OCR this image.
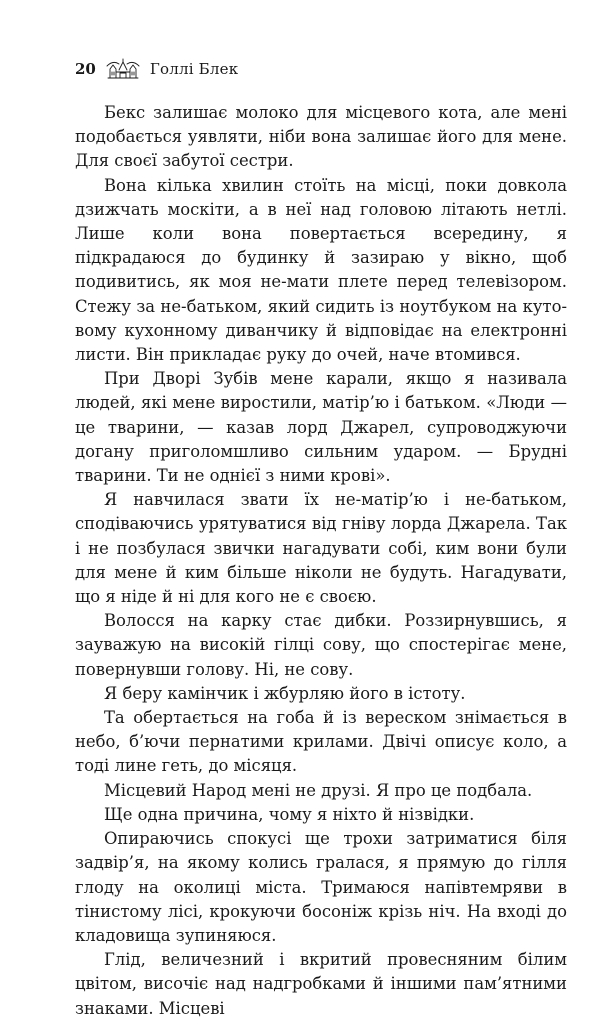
20	Голлі Блек

Бекс залишає молоко для місцевого кота, але мені подобається уявляти, ніби вона залишає його для мене. Для своєї забутої сестри.

Вона кілька хвилин стоїть на місці, поки довкола дзижчать москіти, а в неї над головою літають нетлі. Лише коли вона повертається всередину, я підкрадаюся до будинку й зазираю у вікно, щоб подивитись, як моя не-мати плете перед телевізором. Стежу за не-батьком, який сидить із ноутбуком на кутовому кухонному диванчику й відповідає на електронні листи. Він прикладає руку до очей, наче втомився.

При Дворі Зубів мене карали, якщо я називала людей, які мене виростили, матір’ю і батьком. «Люди — це тварини, — казав лорд Джарел, супроводжуючи догану приголомшливо сильним ударом. — Брудні тварини. Ти не однієї з ними крові».

Я навчилася звати їх не-матір’ю і не-батьком, сподіваючись урятуватися від гніву лорда Джарела. Так і не позбулася звички нагадувати собі, ким вони були для мене й ким більше ніколи не будуть. Нагадувати, що я ніде й ні для кого не є своєю.

Волосся на карку стає дибки. Роззирнувшись, я зауважую на високій гілці сову, що спостерігає мене, повернувши голову. Ні, не сову.

Я беру камінчик і жбурляю його в істоту.

Та обертається на гоба й із вереском знімається в небо, б’ючи пернатими крилами. Двічі описує коло, а тоді лине геть, до місяця.

Місцевий Народ мені не друзі. Я про це подбала.

Ще одна причина, чому я ніхто й нізвідки.

Опираючись спокусі ще трохи затриматися біля задвір’я, на якому колись гралася, я прямую до гілля глоду на околиці міста. Тримаюся напівтемряви в тінистому лісі, крокуючи босоніж крізь ніч. На вході до кладовища зупиняюся.

Глід, величезний і вкритий провесняним білим цвітом, височіє над надгробками й іншими пам’ятними знаками. Місцеві
